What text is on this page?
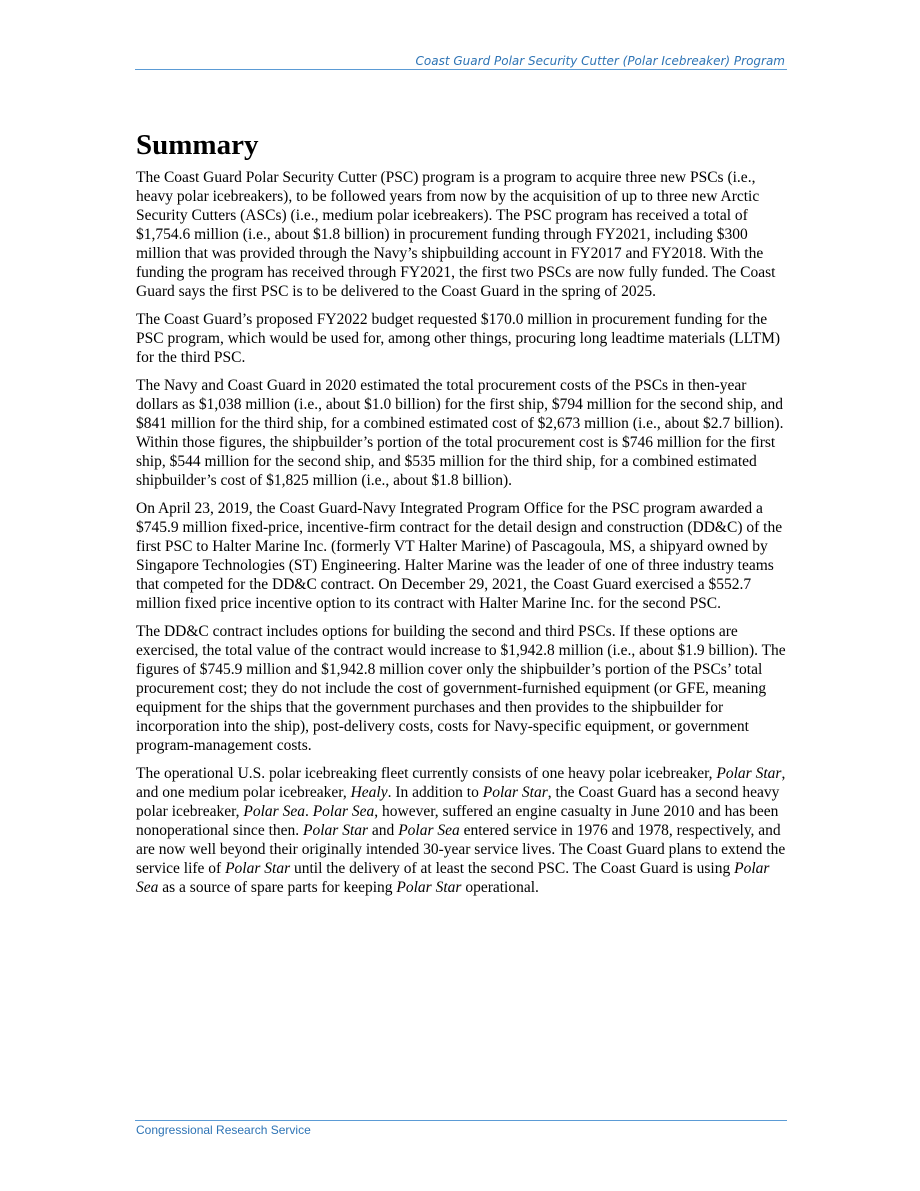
Coast Guard Polar Security Cutter (Polar Icebreaker) Program
Summary

The Coast Guard Polar Security Cutter (PSC) program is a program to acquire three new PSCs (i.e., heavy polar icebreakers), to be followed years from now by the acquisition of up to three new Arctic Security Cutters (ASCs) (i.e., medium polar icebreakers). The PSC program has received a total of $1,754.6 million (i.e., about $1.8 billion) in procurement funding through FY2021, including $300 million that was provided through the Navy’s shipbuilding account in FY2017 and FY2018. With the funding the program has received through FY2021, the first two PSCs are now fully funded. The Coast Guard says the first PSC is to be delivered to the Coast Guard in the spring of 2025.

The Coast Guard’s proposed FY2022 budget requested $170.0 million in procurement funding for the PSC program, which would be used for, among other things, procuring long leadtime materials (LLTM) for the third PSC.

The Navy and Coast Guard in 2020 estimated the total procurement costs of the PSCs in then-year dollars as $1,038 million (i.e., about $1.0 billion) for the first ship, $794 million for the second ship, and $841 million for the third ship, for a combined estimated cost of $2,673 million (i.e., about $2.7 billion). Within those figures, the shipbuilder’s portion of the total procurement cost is $746 million for the first ship, $544 million for the second ship, and $535 million for the third ship, for a combined estimated shipbuilder’s cost of $1,825 million (i.e., about $1.8 billion).

On April 23, 2019, the Coast Guard-Navy Integrated Program Office for the PSC program awarded a $745.9 million fixed-price, incentive-firm contract for the detail design and construction (DD&C) of the first PSC to Halter Marine Inc. (formerly VT Halter Marine) of Pascagoula, MS, a shipyard owned by Singapore Technologies (ST) Engineering. Halter Marine was the leader of one of three industry teams that competed for the DD&C contract. On December 29, 2021, the Coast Guard exercised a $552.7 million fixed price incentive option to its contract with Halter Marine Inc. for the second PSC.

The DD&C contract includes options for building the second and third PSCs. If these options are exercised, the total value of the contract would increase to $1,942.8 million (i.e., about $1.9 billion). The figures of $745.9 million and $1,942.8 million cover only the shipbuilder’s portion of the PSCs’ total procurement cost; they do not include the cost of government-furnished equipment (or GFE, meaning equipment for the ships that the government purchases and then provides to the shipbuilder for incorporation into the ship), post-delivery costs, costs for Navy-specific equipment, or government program-management costs.

The operational U.S. polar icebreaking fleet currently consists of one heavy polar icebreaker, Polar Star, and one medium polar icebreaker, Healy. In addition to Polar Star, the Coast Guard has a second heavy polar icebreaker, Polar Sea. Polar Sea, however, suffered an engine casualty in June 2010 and has been nonoperational since then. Polar Star and Polar Sea entered service in 1976 and 1978, respectively, and are now well beyond their originally intended 30-year service lives. The Coast Guard plans to extend the service life of Polar Star until the delivery of at least the second PSC. The Coast Guard is using Polar Sea as a source of spare parts for keeping Polar Star operational.

Congressional Research Service
